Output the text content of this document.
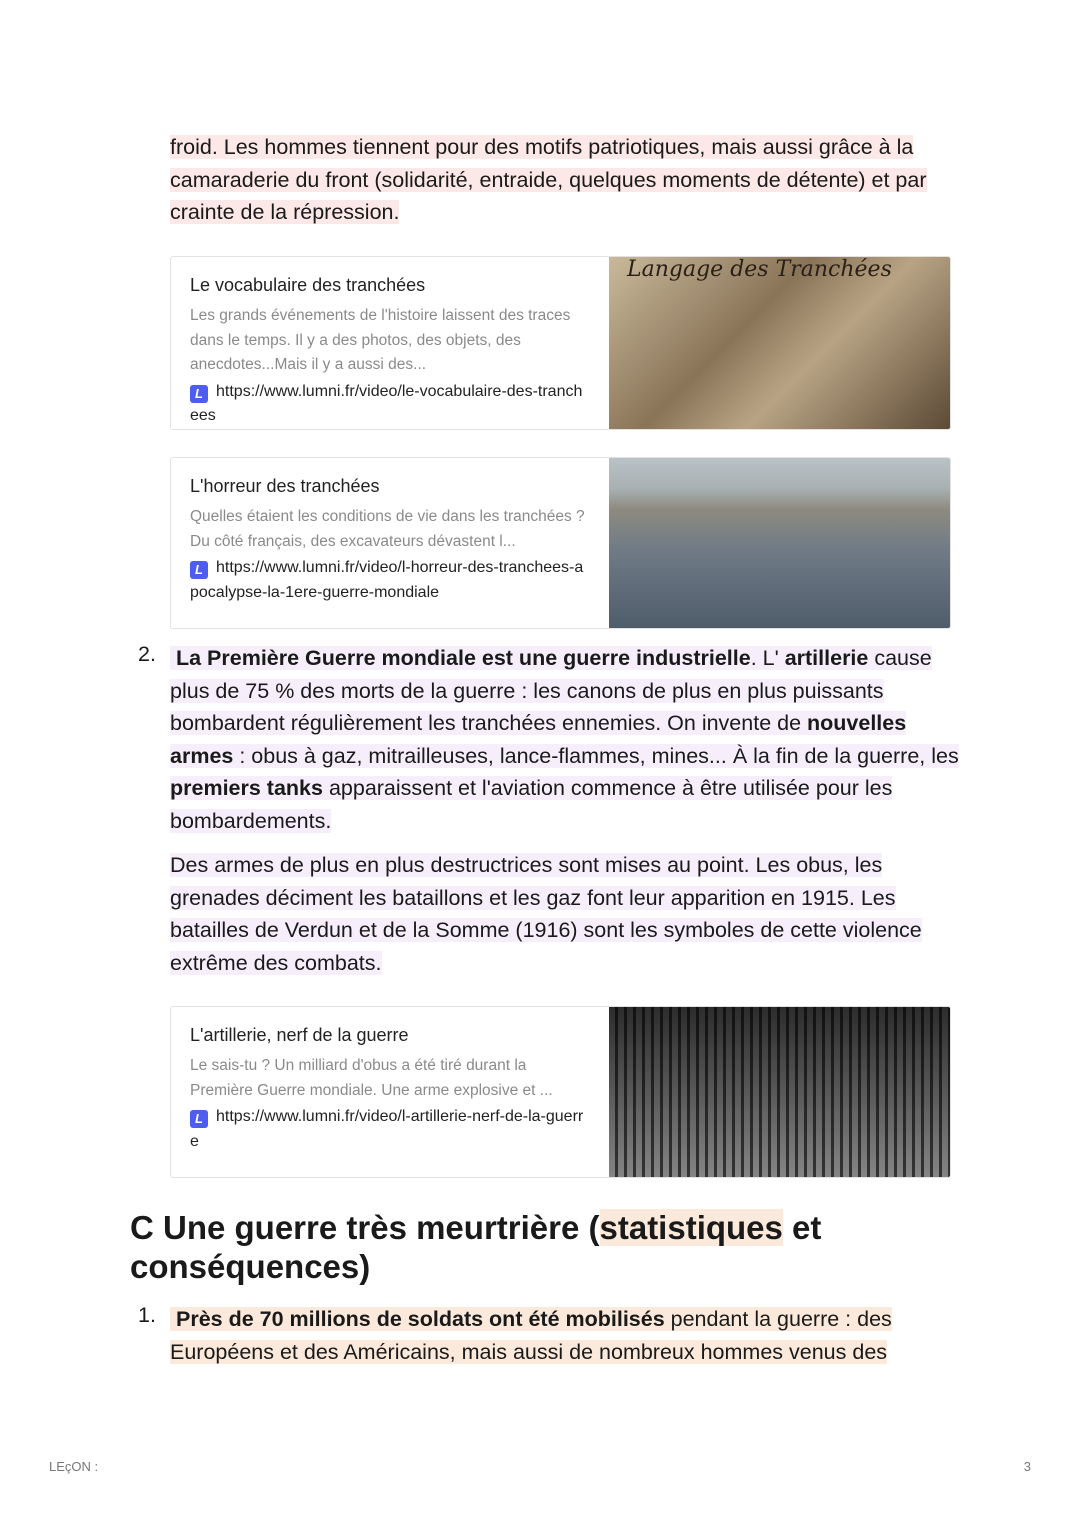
froid. Les hommes tiennent pour des motifs patriotiques, mais aussi grâce à la camaraderie du front (solidarité, entraide, quelques moments de détente) et par crainte de la répression.
Le vocabulaire des tranchées
Les grands événements de l'histoire laissent des traces dans le temps. Il y a des photos, des objets, des anecdotes...Mais il y a aussi des...
L https://www.lumni.fr/video/le-vocabulaire-des-tranchees
Langage des Tranchées
L'horreur des tranchées
Quelles étaient les conditions de vie dans les tranchées ? Du côté français, des excavateurs dévastent l...
L https://www.lumni.fr/video/l-horreur-des-tranchees-apocalypse-la-1ere-guerre-mondiale
2. La Première Guerre mondiale est une guerre industrielle. L' artillerie cause plus de 75 % des morts de la guerre : les canons de plus en plus puissants bombardent régulièrement les tranchées ennemies. On invente de nouvelles armes : obus à gaz, mitrailleuses, lance-flammes, mines... À la fin de la guerre, les premiers tanks apparaissent et l'aviation commence à être utilisée pour les bombardements.
Des armes de plus en plus destructrices sont mises au point. Les obus, les grenades déciment les bataillons et les gaz font leur apparition en 1915. Les batailles de Verdun et de la Somme (1916) sont les symboles de cette violence extrême des combats.
L'artillerie, nerf de la guerre
Le sais-tu ? Un milliard d'obus a été tiré durant la Première Guerre mondiale. Une arme explosive et ...
L https://www.lumni.fr/video/l-artillerie-nerf-de-la-guerre
C Une guerre très meurtrière (statistiques et conséquences)
1. Près de 70 millions de soldats ont été mobilisés pendant la guerre : des Européens et des Américains, mais aussi de nombreux hommes venus des
LEçON :	3
